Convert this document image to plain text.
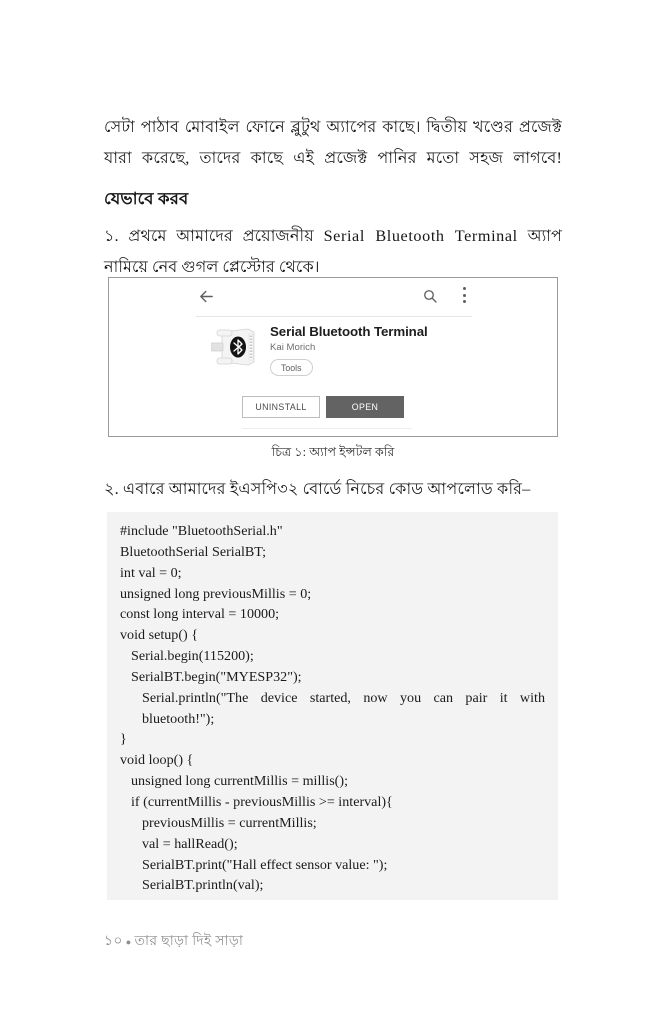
সেটা পাঠাব মোবাইল ফোনে ব্লুটুথ অ্যাপের কাছে। দ্বিতীয় খণ্ডের প্রজেক্ট যারা করেছে, তাদের কাছে এই প্রজেক্ট পানির মতো সহজ লাগবে!

যেভাবে করব

১. প্রথমে আমাদের প্রয়োজনীয় Serial Bluetooth Terminal অ্যাপ নামিয়ে নেব গুগল প্লেস্টোর থেকে।

Serial Bluetooth Terminal
Kai Morich
Tools
UNINSTALL	OPEN
চিত্র ১: অ্যাপ ইন্সটল করি

২. এবারে আমাদের ইএসপি৩২ বোর্ডে নিচের কোড আপলোড করি–

#include "BluetoothSerial.h"
BluetoothSerial SerialBT;
int val = 0;
unsigned long previousMillis = 0;
const long interval = 10000;
void setup() {
Serial.begin(115200);
SerialBT.begin("MYESP32");
Serial.println("The device started, now you can pair it with bluetooth!");
}
void loop() {
unsigned long currentMillis = millis();
if (currentMillis - previousMillis >= interval){
previousMillis = currentMillis;
val = hallRead();
SerialBT.print("Hall effect sensor value: ");
SerialBT.println(val);
১০ ● তার ছাড়া দিই সাড়া
